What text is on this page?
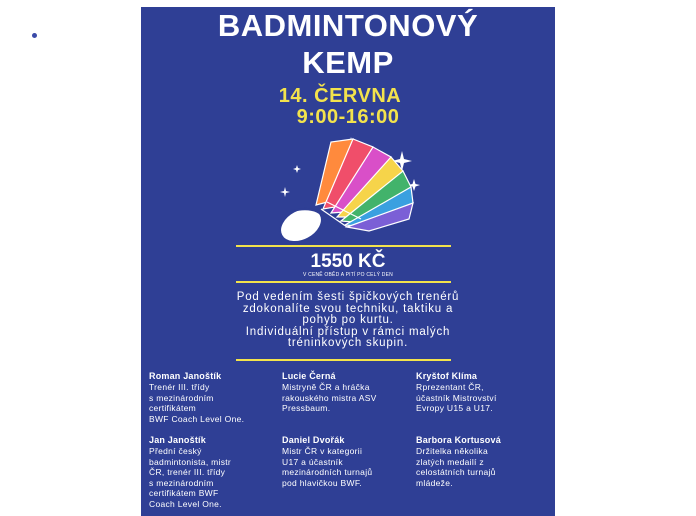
BADMINTONOVÝ
KEMP
14. ČERVNA
9:00-16:00
1550 KČ
V CENĚ OBĚD A PITÍ PO CELÝ DEN
Pod vedením šesti špičkových trenérů
zdokonalíte svou techniku, taktiku a
pohyb po kurtu.
Individuální přístup v rámci malých
tréninkových skupin.
Roman Janoštík
Trenér III. třídy
s mezinárodním
certifikátem
BWF Coach Level One.
Lucie Černá
Mistryně ČR a hráčka
rakouského mistra ASV
Pressbaum.
Kryštof Klíma
Rprezentant ČR,
účastník Mistrovství
Evropy U15 a U17.
Jan Janoštík
Přední český
badmintonista, mistr
ČR, trenér III. třídy
s mezinárodním
certifikátem BWF
Coach Level One.
Daniel Dvořák
Mistr ČR v kategorii
U17 a účastník
mezinárodních turnajů
pod hlavičkou BWF.
Barbora Kortusová
Držitelka několika
zlatých medailí z
celostátních turnajů
mládeže.
